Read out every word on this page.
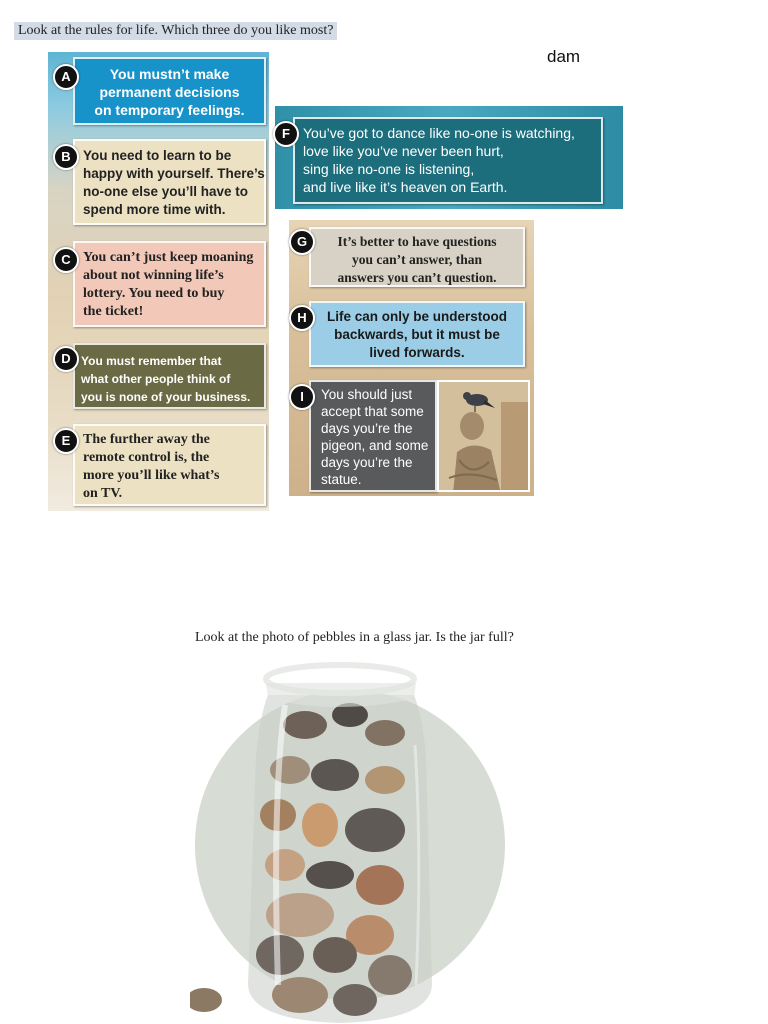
Look at the rules for life. Which three do you like most?
dam
You mustn’t make
permanent decisions
on temporary feelings.
A
You need to learn to be
happy with yourself. There’s
no-one else you’ll have to
spend more time with.
B
You can’t just keep moaning
about not winning life’s
lottery. You need to buy
the ticket!
C
You must remember that
what other people think of
you is none of your business.
D
The further away the
remote control is, the
more you’ll like what’s
on TV.
E
You’ve got to dance like no-one is watching,
love like you’ve never been hurt,
sing like no-one is listening,
and live like it’s heaven on Earth.
F
It’s better to have questions
you can’t answer, than
answers you can’t question.
G
Life can only be understood
backwards, but it must be
lived forwards.
H
You should just
accept that some
days you’re the
pigeon, and some
days you’re the
statue.
I
Look at the photo of pebbles in a glass jar. Is the jar full?
